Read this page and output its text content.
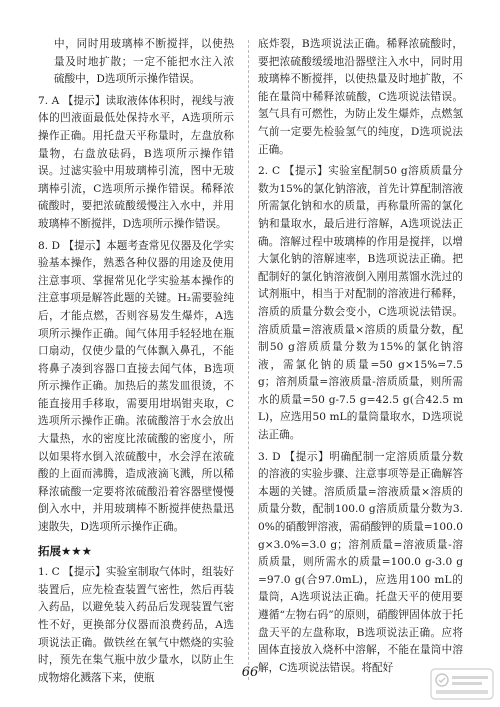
中，同时用玻璃棒不断搅拌，以使热量及时地扩散；一定不能把水注入浓硫酸中，D选项所示操作错误。

7. A 【提示】读取液体体积时，视线与液体的凹液面最低处保持水平，A选项所示操作正确。用托盘天平称量时，左盘放称量物，右盘放砝码，B选项所示操作错误。过滤实验中用玻璃棒引流，图中无玻璃棒引流，C选项所示操作错误。稀释浓硫酸时，要把浓硫酸缓慢注入水中，并用玻璃棒不断搅拌，D选项所示操作错误。

8. D 【提示】本题考查常见仪器及化学实验基本操作，熟悉各种仪器的用途及使用注意事项、掌握常见化学实验基本操作的注意事项是解答此题的关键。H₂需要验纯后，才能点燃，否则容易发生爆炸，A选项所示操作正确。闻气体用手轻轻地在瓶口扇动，仅使少量的气体飘入鼻孔，不能将鼻子凑到容器口直接去闻气体，B选项所示操作正确。加热后的蒸发皿很烫，不能直接用手移取，需要用坩埚钳夹取，C选项所示操作正确。浓硫酸溶于水会放出大量热，水的密度比浓硫酸的密度小，所以如果将水倒入浓硫酸中，水会浮在浓硫酸的上面而沸腾，造成液滴飞溅，所以稀释浓硫酸一定要将浓硫酸沿着容器壁慢慢倒入水中，并用玻璃棒不断搅拌使热量迅速散失，D选项所示操作正确。

拓展★★★

1. C 【提示】实验室制取气体时，组装好装置后，应先检查装置气密性，然后再装入药品，以避免装入药品后发现装置气密性不好，更换部分仪器而浪费药品，A选项说法正确。做铁丝在氧气中燃烧的实验时，预先在集气瓶中放少量水，以防止生成物熔化溅落下来，使瓶

底炸裂，B选项说法正确。稀释浓硫酸时，要把浓硫酸缓缓地沿器壁注入水中，同时用玻璃棒不断搅拌，以使热量及时地扩散，不能在量筒中稀释浓硫酸，C选项说法错误。氢气具有可燃性，为防止发生爆炸，点燃氢气前一定要先检验氢气的纯度，D选项说法正确。

2. C 【提示】实验室配制50 g溶质质量分数为15%的氯化钠溶液，首先计算配制溶液所需氯化钠和水的质量，再称量所需的氯化钠和量取水，最后进行溶解，A选项说法正确。溶解过程中玻璃棒的作用是搅拌，以增大氯化钠的溶解速率，B选项说法正确。把配制好的氯化钠溶液倒入刚用蒸馏水洗过的试剂瓶中，相当于对配制的溶液进行稀释，溶质的质量分数会变小，C选项说法错误。溶质质量=溶液质量×溶质的质量分数，配制50 g溶质质量分数为15%的氯化钠溶液，需氯化钠的质量=50 g×15%=7.5 g；溶剂质量=溶液质量-溶质质量，则所需水的质量=50 g-7.5 g=42.5 g(合42.5 mL)，应选用50 mL的量筒量取水，D选项说法正确。

3. D 【提示】明确配制一定溶质质量分数的溶液的实验步骤、注意事项等是正确解答本题的关键。溶质质量=溶液质量×溶质的质量分数，配制100.0 g溶质质量分数为3.0%的硝酸钾溶液，需硝酸钾的质量=100.0 g×3.0%=3.0 g；溶剂质量=溶液质量-溶质质量，则所需水的质量=100.0 g-3.0 g=97.0 g(合97.0mL)，应选用100 mL的量筒，A选项说法正确。托盘天平的使用要遵循“左物右码”的原则，硝酸钾固体放于托盘天平的左盘称取，B选项说法正确。应将固体直接放入烧杯中溶解，不能在量筒中溶解，C选项说法错误。将配好

66
